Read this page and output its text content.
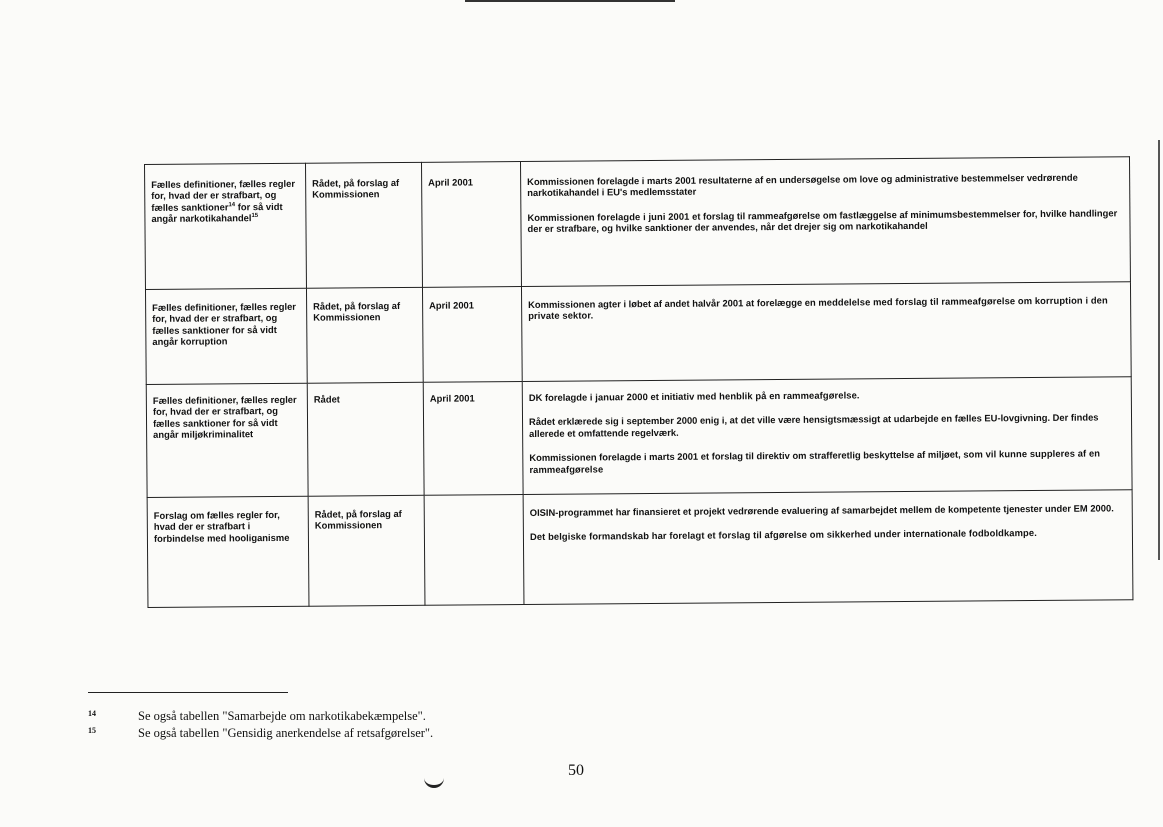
Fælles definitioner, fælles regler for, hvad der er strafbart, og fælles sanktioner$^{14}$ for så vidt angår narkotikahandel$^{15}$	Rådet, på forslag af Kommissionen	April 2001	Kommissionen forelagde i marts 2001 resultaterne af en undersøgelse om love og administrative bestemmelser vedrørende narkotikahandel i EU's medlemsstater

Kommissionen forelagde i juni 2001 et forslag til rammeafgørelse om fastlæggelse af minimumsbestemmelser for, hvilke handlinger der er strafbare, og hvilke sanktioner der anvendes, når det drejer sig om narkotikahandel

Fælles definitioner, fælles regler for, hvad der er strafbart, og fælles sanktioner for så vidt angår korruption	Rådet, på forslag af Kommissionen	April 2001	Kommissionen agter i løbet af andet halvår 2001 at forelægge en meddelelse med forslag til rammeafgørelse om korruption i den private sektor.

Fælles definitioner, fælles regler for, hvad der er strafbart, og fælles sanktioner for så vidt angår miljøkriminalitet	Rådet	April 2001	DK forelagde i januar 2000 et initiativ med henblik på en rammeafgørelse.

Rådet erklærede sig i september 2000 enig i, at det ville være hensigtsmæssigt at udarbejde en fælles EU-lovgivning. Der findes allerede et omfattende regelværk.

Kommissionen forelagde i marts 2001 et forslag til direktiv om strafferetlig beskyttelse af miljøet, som vil kunne suppleres af en rammeafgørelse

Forslag om fælles regler for, hvad der er strafbart i forbindelse med hooliganisme	Rådet, på forslag af Kommissionen		OISIN-programmet har finansieret et projekt vedrørende evaluering af samarbejdet mellem de kompetente tjenester under EM 2000.

Det belgiske formandskab har forelagt et forslag til afgørelse om sikkerhed under internationale fodboldkampe.

14	Se også tabellen "Samarbejde om narkotikabekæmpelse".
15	Se også tabellen "Gensidig anerkendelse af retsafgørelser".
50
